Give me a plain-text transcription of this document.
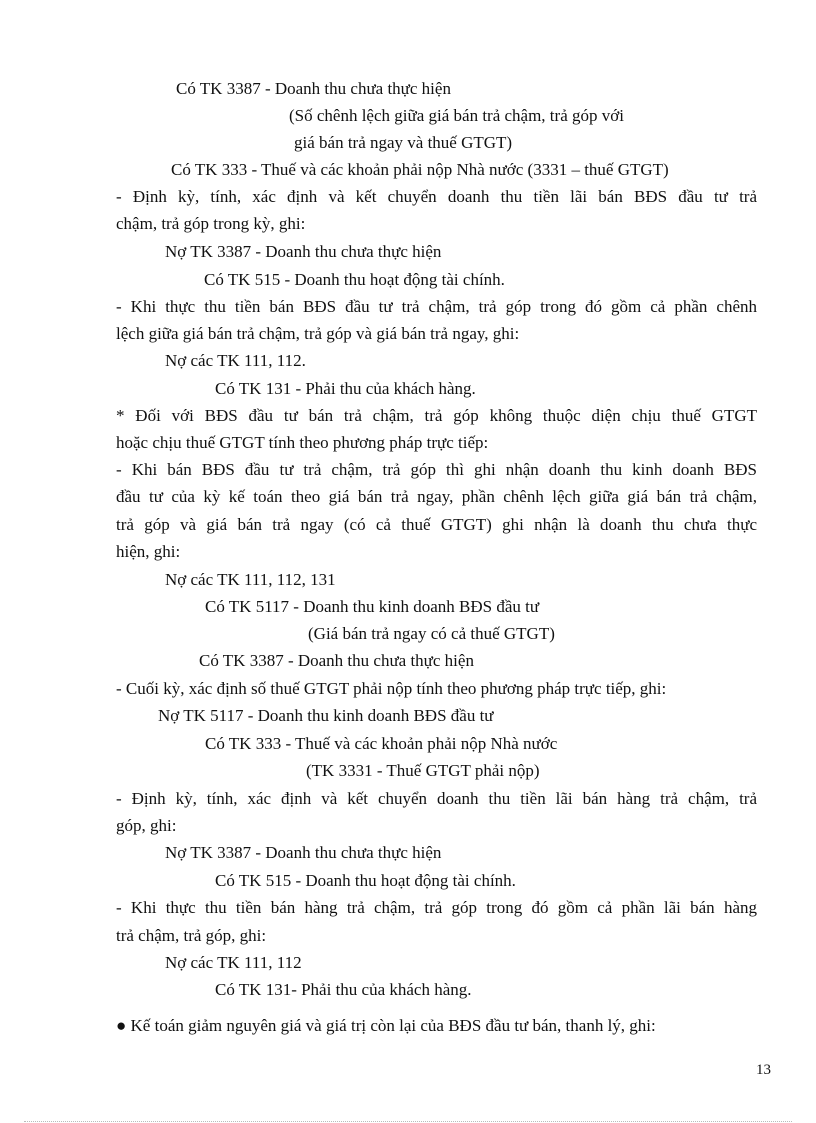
Có TK 3387 - Doanh thu chưa thực hiện
(Số chênh lệch giữa giá bán trả chậm, trả góp với
giá bán trả ngay và thuế GTGT)
Có TK 333 - Thuế và các khoản phải nộp Nhà nước (3331 – thuế GTGT)
- Định kỳ, tính, xác định và kết chuyển doanh thu tiền lãi bán BĐS đầu tư trả
chậm, trả góp trong kỳ, ghi:
Nợ TK 3387 - Doanh thu chưa thực hiện
Có TK 515 - Doanh thu hoạt động tài chính.
- Khi thực thu tiền bán BĐS đầu tư trả chậm, trả góp trong đó gồm cả phần chênh
lệch giữa giá bán trả chậm, trả góp và giá bán trả ngay, ghi:
Nợ các TK 111, 112.
Có TK 131 - Phải thu của khách hàng.
* Đối với BĐS đầu tư bán trả chậm, trả góp không thuộc diện chịu thuế GTGT
hoặc chịu thuế GTGT tính theo phương pháp trực tiếp:
- Khi bán BĐS đầu tư trả chậm, trả góp thì ghi nhận doanh thu kinh doanh BĐS
đầu tư của kỳ kế toán theo giá bán trả ngay, phần chênh lệch giữa giá bán trả chậm,
trả góp và giá bán trả ngay (có cả thuế GTGT) ghi nhận là doanh thu chưa thực
hiện, ghi:
Nợ các TK 111, 112, 131
Có TK 5117 - Doanh thu kinh doanh BĐS đầu tư
(Giá bán trả ngay có cả thuế GTGT)
Có TK 3387 - Doanh thu chưa thực hiện
- Cuối kỳ, xác định số thuế GTGT phải nộp tính theo phương pháp trực tiếp, ghi:
Nợ TK 5117 - Doanh thu kinh doanh BĐS đầu tư
Có TK 333 - Thuế và các khoản phải nộp Nhà nước
(TK 3331 - Thuế GTGT phải nộp)
- Định kỳ, tính, xác định và kết chuyển doanh thu tiền lãi bán hàng trả chậm, trả
góp, ghi:
Nợ TK 3387 - Doanh thu chưa thực hiện
Có TK 515 - Doanh thu hoạt động tài chính.
- Khi thực thu tiền bán hàng trả chậm, trả góp trong đó gồm cả phần lãi bán hàng
trả chậm, trả góp, ghi:
Nợ các TK 111, 112
Có TK 131- Phải thu của khách hàng.
● Kế toán giảm nguyên giá và giá trị còn lại của BĐS đầu tư bán, thanh lý, ghi:
13
